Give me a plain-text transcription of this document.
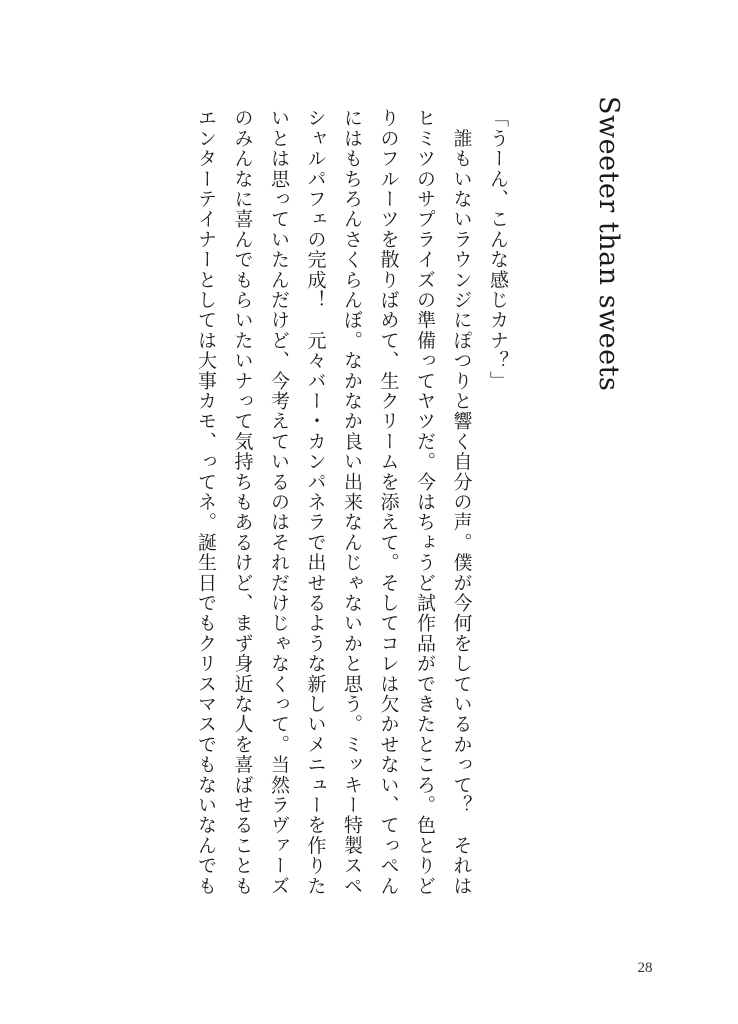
Sweeter than sweets
「うーん、こんな感じカナ？」
　誰もいないラウンジにぽつりと響く自分の声。僕が今何をしているかって？　それは
ヒミツのサプライズの準備ってヤツだ。今はちょうど試作品ができたところ。色とりど
りのフルーツを散りばめて、生クリームを添えて。そしてコレは欠かせない、てっぺん
にはもちろんさくらんぼ。なかなか良い出来なんじゃないかと思う。ミッキー特製スペ
シャルパフェの完成！　元々バー・カンパネラで出せるような新しいメニューを作りた
いとは思っていたんだけど、今考えているのはそれだけじゃなくって。当然ラヴァーズ
のみんなに喜んでもらいたいナって気持ちもあるけど、まず身近な人を喜ばせることも
エンターテイナーとしては大事カモ、ってネ。誕生日でもクリスマスでもないなんでも
28
